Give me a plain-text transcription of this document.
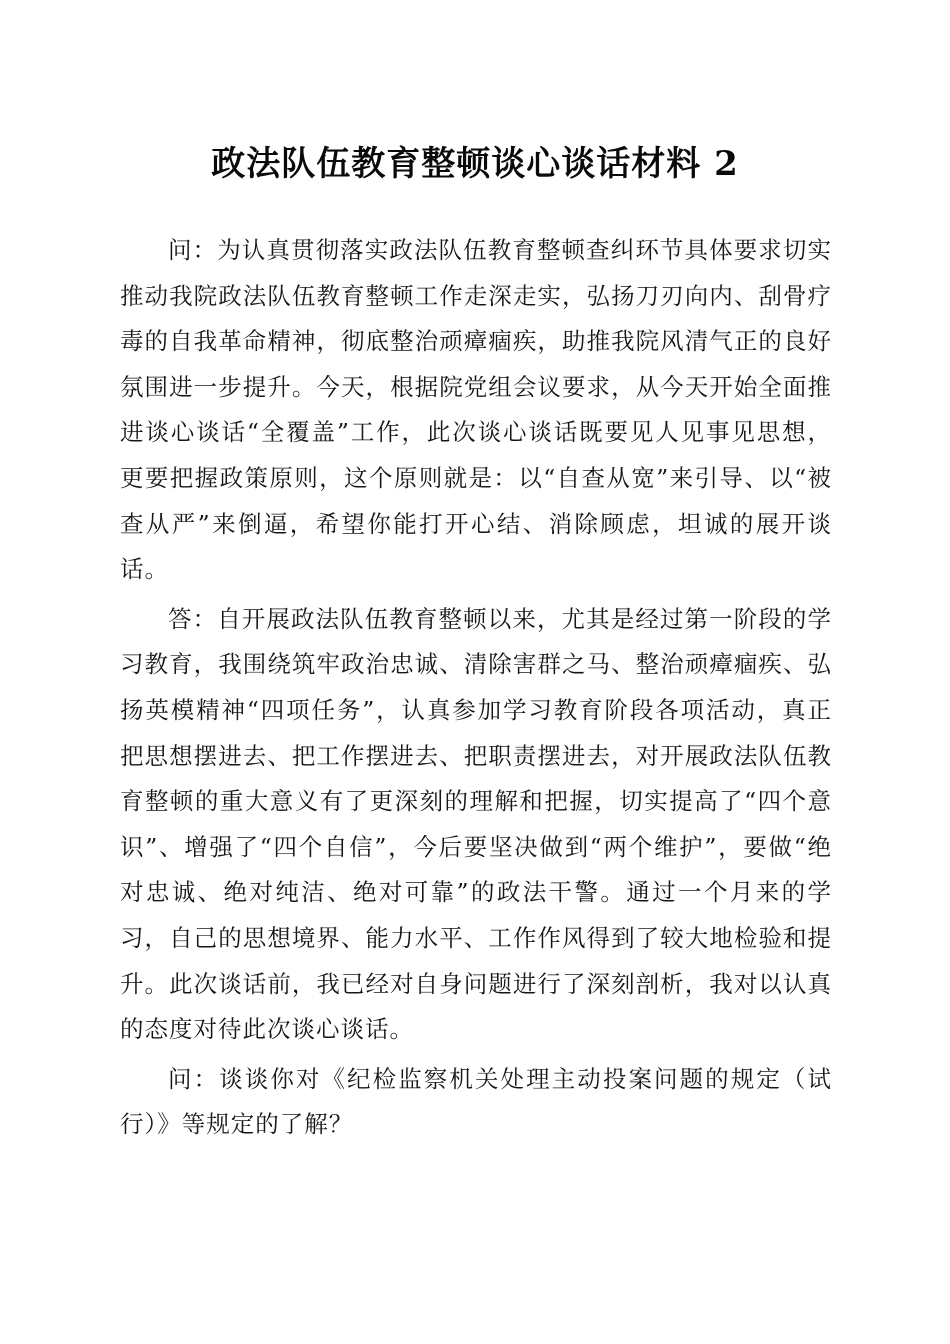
政法队伍教育整顿谈心谈话材料 2

问：为认真贯彻落实政法队伍教育整顿查纠环节具体要求切实推动我院政法队伍教育整顿工作走深走实，弘扬刀刃向内、刮骨疗毒的自我革命精神，彻底整治顽瘴痼疾，助推我院风清气正的良好氛围进一步提升。今天，根据院党组会议要求，从今天开始全面推进谈心谈话“全覆盖”工作，此次谈心谈话既要见人见事见思想，更要把握政策原则，这个原则就是：以“自查从宽”来引导、以“被查从严”来倒逼，希望你能打开心结、消除顾虑，坦诚的展开谈话。

答：自开展政法队伍教育整顿以来，尤其是经过第一阶段的学习教育，我围绕筑牢政治忠诚、清除害群之马、整治顽瘴痼疾、弘扬英模精神“四项任务”，认真参加学习教育阶段各项活动，真正把思想摆进去、把工作摆进去、把职责摆进去，对开展政法队伍教育整顿的重大意义有了更深刻的理解和把握，切实提高了“四个意识”、增强了“四个自信”，今后要坚决做到“两个维护”，要做“绝对忠诚、绝对纯洁、绝对可靠”的政法干警。通过一个月来的学习，自己的思想境界、能力水平、工作作风得到了较大地检验和提升。此次谈话前，我已经对自身问题进行了深刻剖析，我对以认真的态度对待此次谈心谈话。

问：谈谈你对《纪检监察机关处理主动投案问题的规定（试行）》等规定的了解？
